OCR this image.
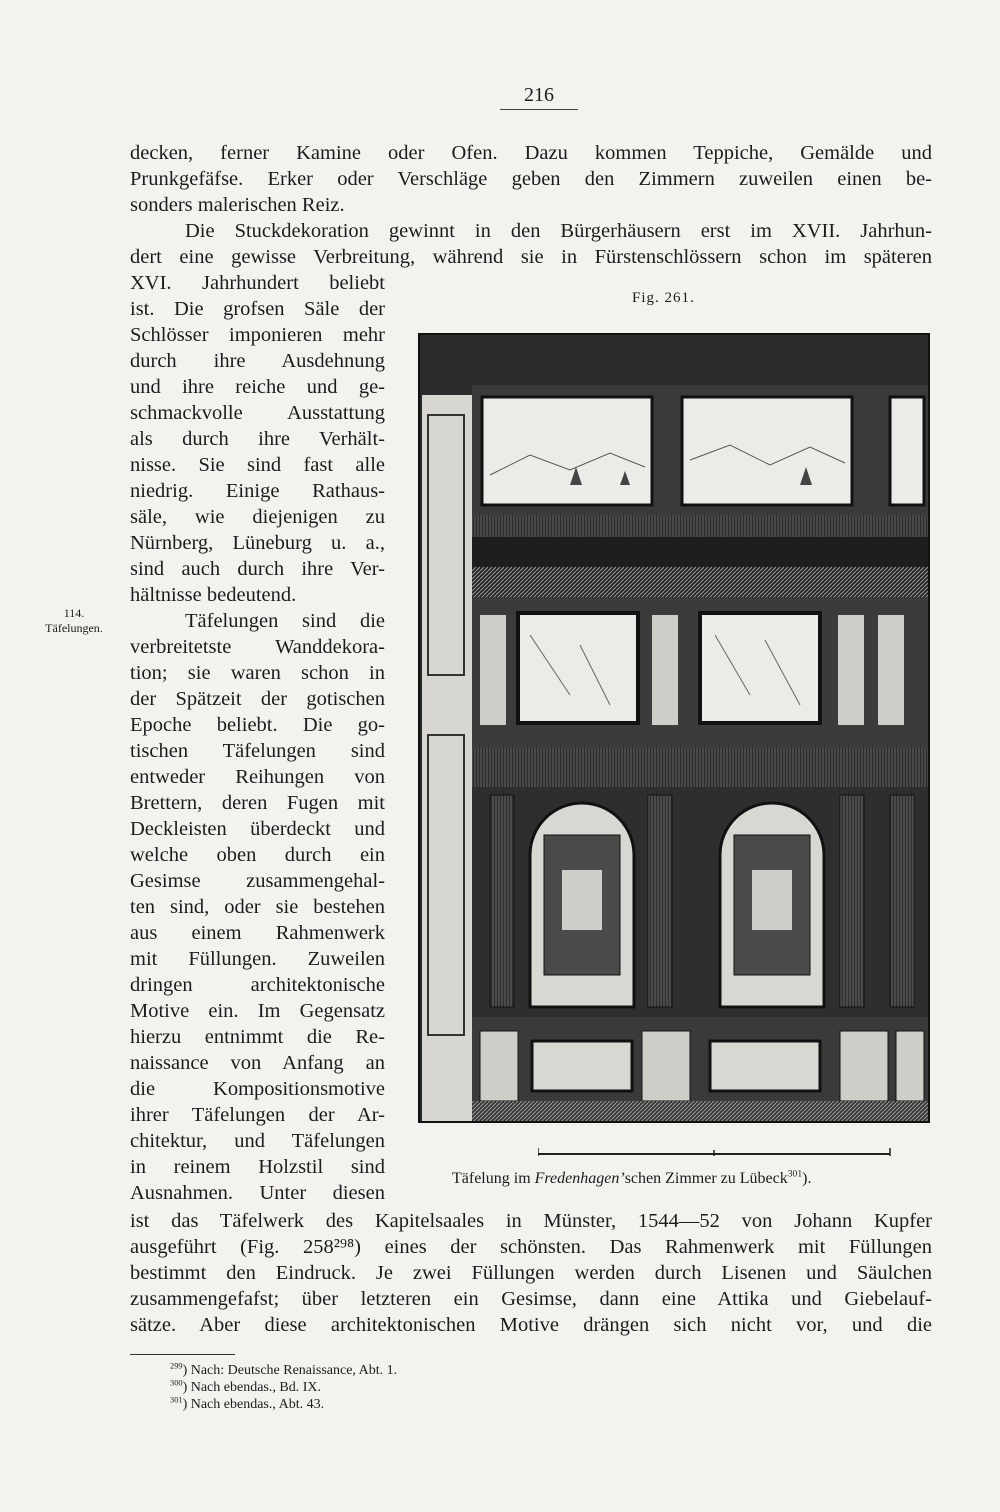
216
decken, ferner Kamine oder Ofen. Dazu kommen Teppiche, Gemälde und
Prunkgefäfse. Erker oder Verschläge geben den Zimmern zuweilen einen be-
sonders malerischen Reiz.
Die Stuckdekoration gewinnt in den Bürgerhäusern erst im XVII. Jahrhun-
dert eine gewisse Verbreitung, während sie in Fürstenschlössern schon im späteren
XVI. Jahrhundert beliebt
ist. Die grofsen Säle der
Schlösser imponieren mehr
durch ihre Ausdehnung
und ihre reiche und ge-
schmackvolle Ausstattung
als durch ihre Verhält-
nisse. Sie sind fast alle
niedrig. Einige Rathaus-
säle, wie diejenigen zu
Nürnberg, Lüneburg u. a.,
sind auch durch ihre Ver-
hältnisse bedeutend.
114.
Täfelungen.	Täfelungen sind die
verbreitetste Wanddekora-
tion; sie waren schon in
der Spätzeit der gotischen
Epoche beliebt. Die go-
tischen Täfelungen sind
entweder Reihungen von
Brettern, deren Fugen mit
Deckleisten überdeckt und
welche oben durch ein
Gesimse zusammengehal-
ten sind, oder sie bestehen
aus einem Rahmenwerk
mit Füllungen. Zuweilen
dringen architektonische
Motive ein. Im Gegensatz
hierzu entnimmt die Re-
naissance von Anfang an
die Kompositionsmotive
ihrer Täfelungen der Ar-
chitektur, und Täfelungen
in reinem Holzstil sind
Ausnahmen. Unter diesen
ist das Täfelwerk des Kapitelsaales in Münster, 1544—52 von Johann Kupfer
ausgeführt (Fig. 258²⁹⁸) eines der schönsten. Das Rahmenwerk mit Füllungen
bestimmt den Eindruck. Je zwei Füllungen werden durch Lisenen und Säulchen
zusammengefafst; über letzteren ein Gesimse, dann eine Attika und Giebelauf-
sätze. Aber diese architektonischen Motive drängen sich nicht vor, und die
Fig. 261.
Täfelung im Fredenhagen’schen Zimmer zu Lübeck$^{301}$).
$^{299}$) Nach: Deutsche Renaissance, Abt. 1.
$^{300}$) Nach ebendas., Bd. IX.
$^{301}$) Nach ebendas., Abt. 43.
